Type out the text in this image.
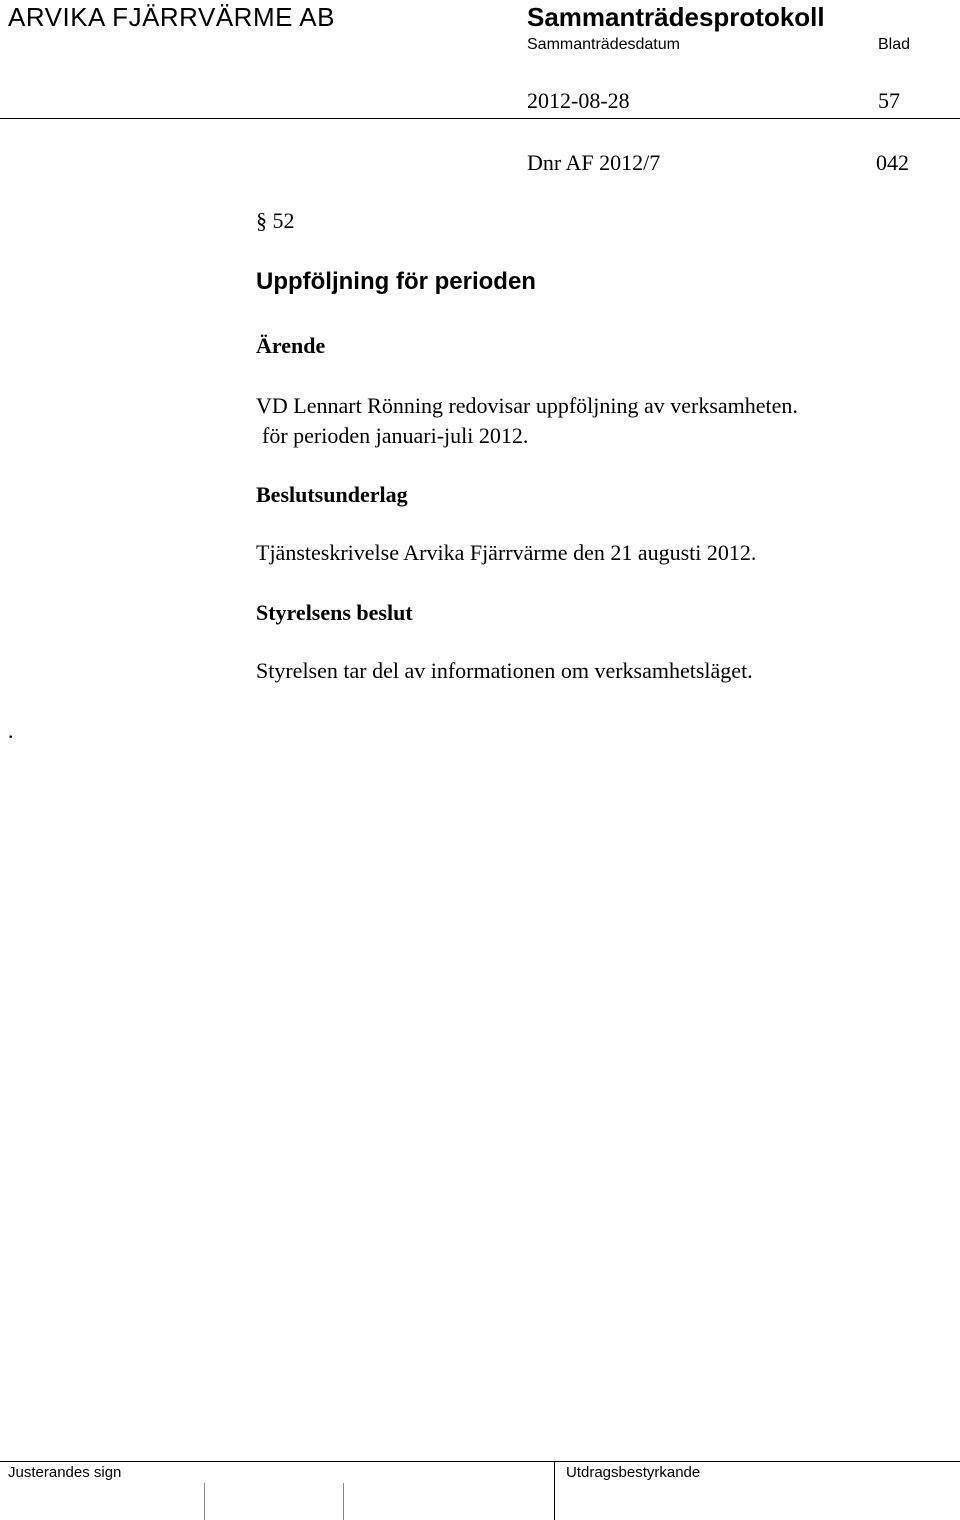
ARVIKA FJÄRRVÄRME AB	Sammanträdesprotokoll
Sammanträdesdatum	Blad
2012-08-28	57
Dnr AF 2012/7	042
§ 52
Uppföljning för perioden
Ärende
VD Lennart Rönning redovisar uppföljning av verksamheten.
för perioden januari-juli 2012.
Beslutsunderlag
Tjänsteskrivelse Arvika Fjärrvärme den 21 augusti 2012.
Styrelsens beslut
Styrelsen tar del av informationen om verksamhetsläget.
.
Justerandes sign	Utdragsbestyrkande
